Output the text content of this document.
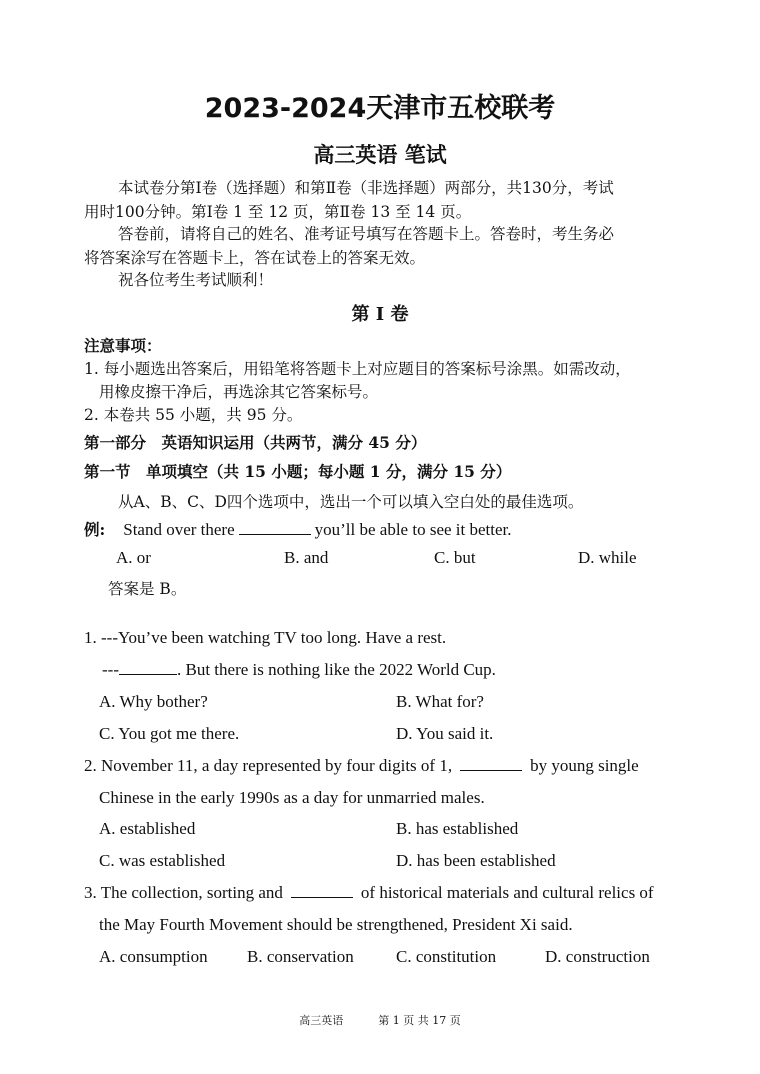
2023-2024天津市五校联考
高三英语 笔试
本试卷分第Ⅰ卷（选择题）和第Ⅱ卷（非选择题）两部分，共130分，考试
用时100分钟。第Ⅰ卷 1 至 12 页，第Ⅱ卷 13 至 14 页。
答卷前，请将自己的姓名、准考证号填写在答题卡上。答卷时，考生务必
将答案涂写在答题卡上，答在试卷上的答案无效。
祝各位考生考试顺利！
第 I 卷
注意事项：
1. 每小题选出答案后，用铅笔将答题卡上对应题目的答案标号涂黑。如需改动，
用橡皮擦干净后，再选涂其它答案标号。
2. 本卷共 55 小题，共 95 分。
第一部分　英语知识运用（共两节，满分 45 分）
第一节　单项填空（共 15 小题；每小题 1 分，满分 15 分）
从A、B、C、D四个选项中，选出一个可以填入空白处的最佳选项。
例: Stand over there	you’ll be able to see it better.
A. or	B. and	C. but	D. while
答案是 B。
1. ---You’ve been watching TV too long. Have a rest.
---	. But there is nothing like the 2022 World Cup.
A. Why bother?	B. What for?
C. You got me there.	D. You said it.
2. November 11, a day represented by four digits of 1,	by young single
Chinese in the early 1990s as a day for unmarried males.
A. established	B. has established
C. was established	D. has been established
3. The collection, sorting and	of historical materials and cultural relics of
the May Fourth Movement should be strengthened, President Xi said.
A. consumption B. conservation C. constitution	D. construction
高三英语	第 1 页 共 17 页
